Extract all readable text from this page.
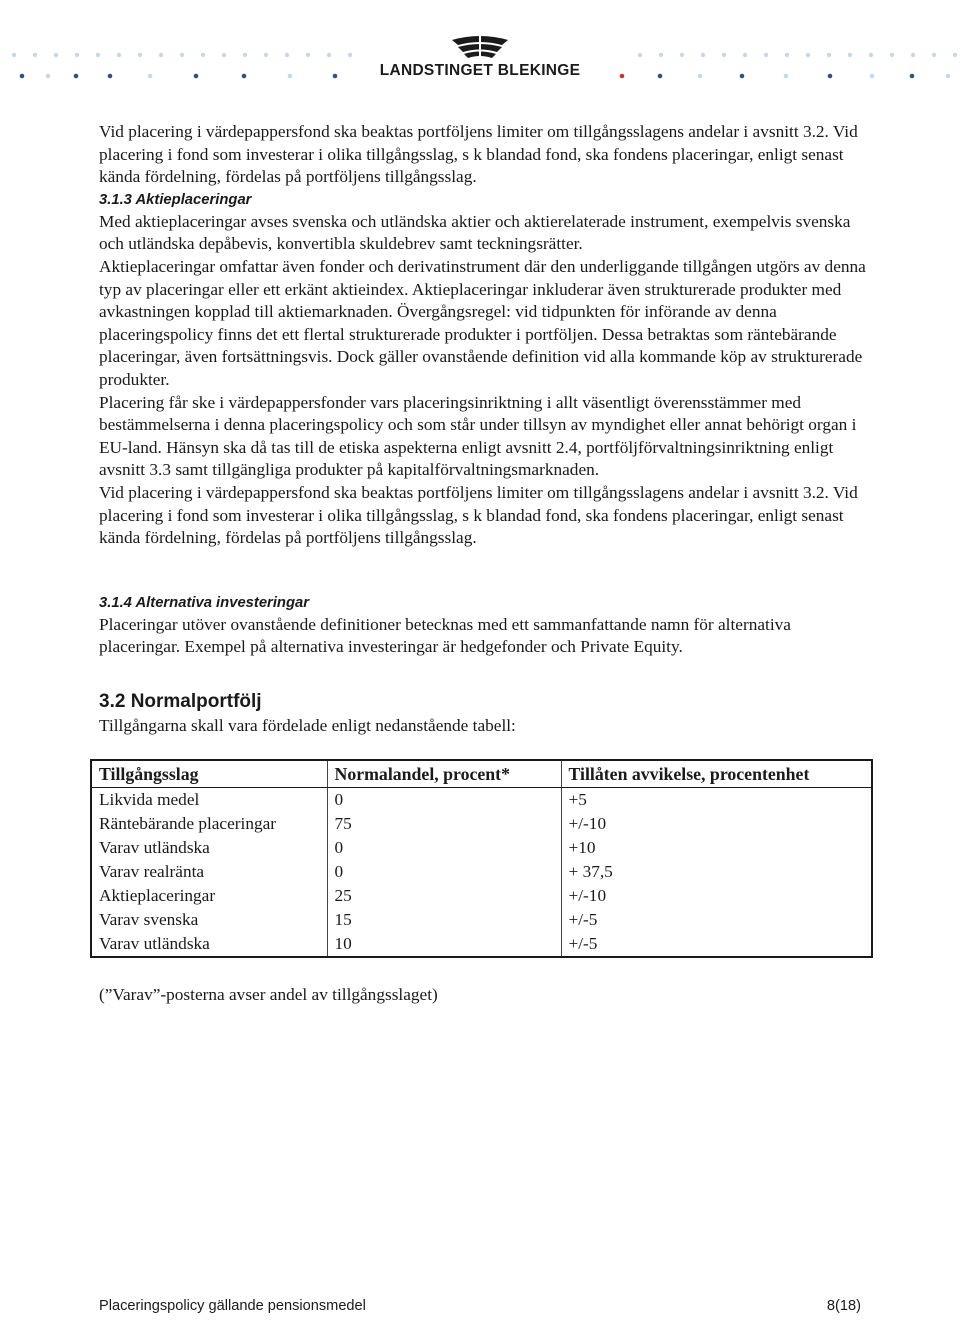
LANDSTINGET BLEKINGE

Vid placering i värdepappersfond ska beaktas portföljens limiter om tillgångsslagens andelar i avsnitt 3.2. Vid placering i fond som investerar i olika tillgångsslag, s k blandad fond, ska fondens placeringar, enligt senast kända fördelning, fördelas på portföljens tillgångsslag.

3.1.3 Aktieplaceringar

Med aktieplaceringar avses svenska och utländska aktier och aktierelaterade instrument, exempelvis svenska och utländska depåbevis, konvertibla skuldebrev samt teckningsrätter.

Aktieplaceringar omfattar även fonder och derivatinstrument där den underliggande tillgången utgörs av denna typ av placeringar eller ett erkänt aktieindex. Aktieplaceringar inkluderar även strukturerade produkter med avkastningen kopplad till aktiemarknaden. Övergångsregel: vid tidpunkten för införande av denna placeringspolicy finns det ett flertal strukturerade produkter i portföljen. Dessa betraktas som räntebärande placeringar, även fortsättningsvis. Dock gäller ovanstående definition vid alla kommande köp av strukturerade produkter.

Placering får ske i värdepappersfonder vars placeringsinriktning i allt väsentligt överensstämmer med bestämmelserna i denna placeringspolicy och som står under tillsyn av myndighet eller annat behörigt organ i EU-land. Hänsyn ska då tas till de etiska aspekterna enligt avsnitt 2.4, portföljförvaltningsinriktning enligt avsnitt 3.3 samt tillgängliga produkter på kapitalförvaltningsmarknaden.

Vid placering i värdepappersfond ska beaktas portföljens limiter om tillgångsslagens andelar i avsnitt 3.2. Vid placering i fond som investerar i olika tillgångsslag, s k blandad fond, ska fondens placeringar, enligt senast kända fördelning, fördelas på portföljens tillgångsslag.

3.1.4 Alternativa investeringar

Placeringar utöver ovanstående definitioner betecknas med ett sammanfattande namn för alternativa placeringar. Exempel på alternativa investeringar är hedgefonder och Private Equity.

3.2 Normalportfölj

Tillgångarna skall vara fördelade enligt nedanstående tabell:

Tillgångsslag	Normalandel, procent*	Tillåten avvikelse, procentenhet
Likvida medel	0	+5
Räntebärande placeringar	75	+/-10
Varav utländska	0	+10
Varav realränta	0	+ 37,5
Aktieplaceringar	25	+/-10
Varav svenska	15	+/-5
Varav utländska	10	+/-5

(”Varav”-posterna avser andel av tillgångsslaget)

Placeringspolicy gällande pensionsmedel	8(18)
